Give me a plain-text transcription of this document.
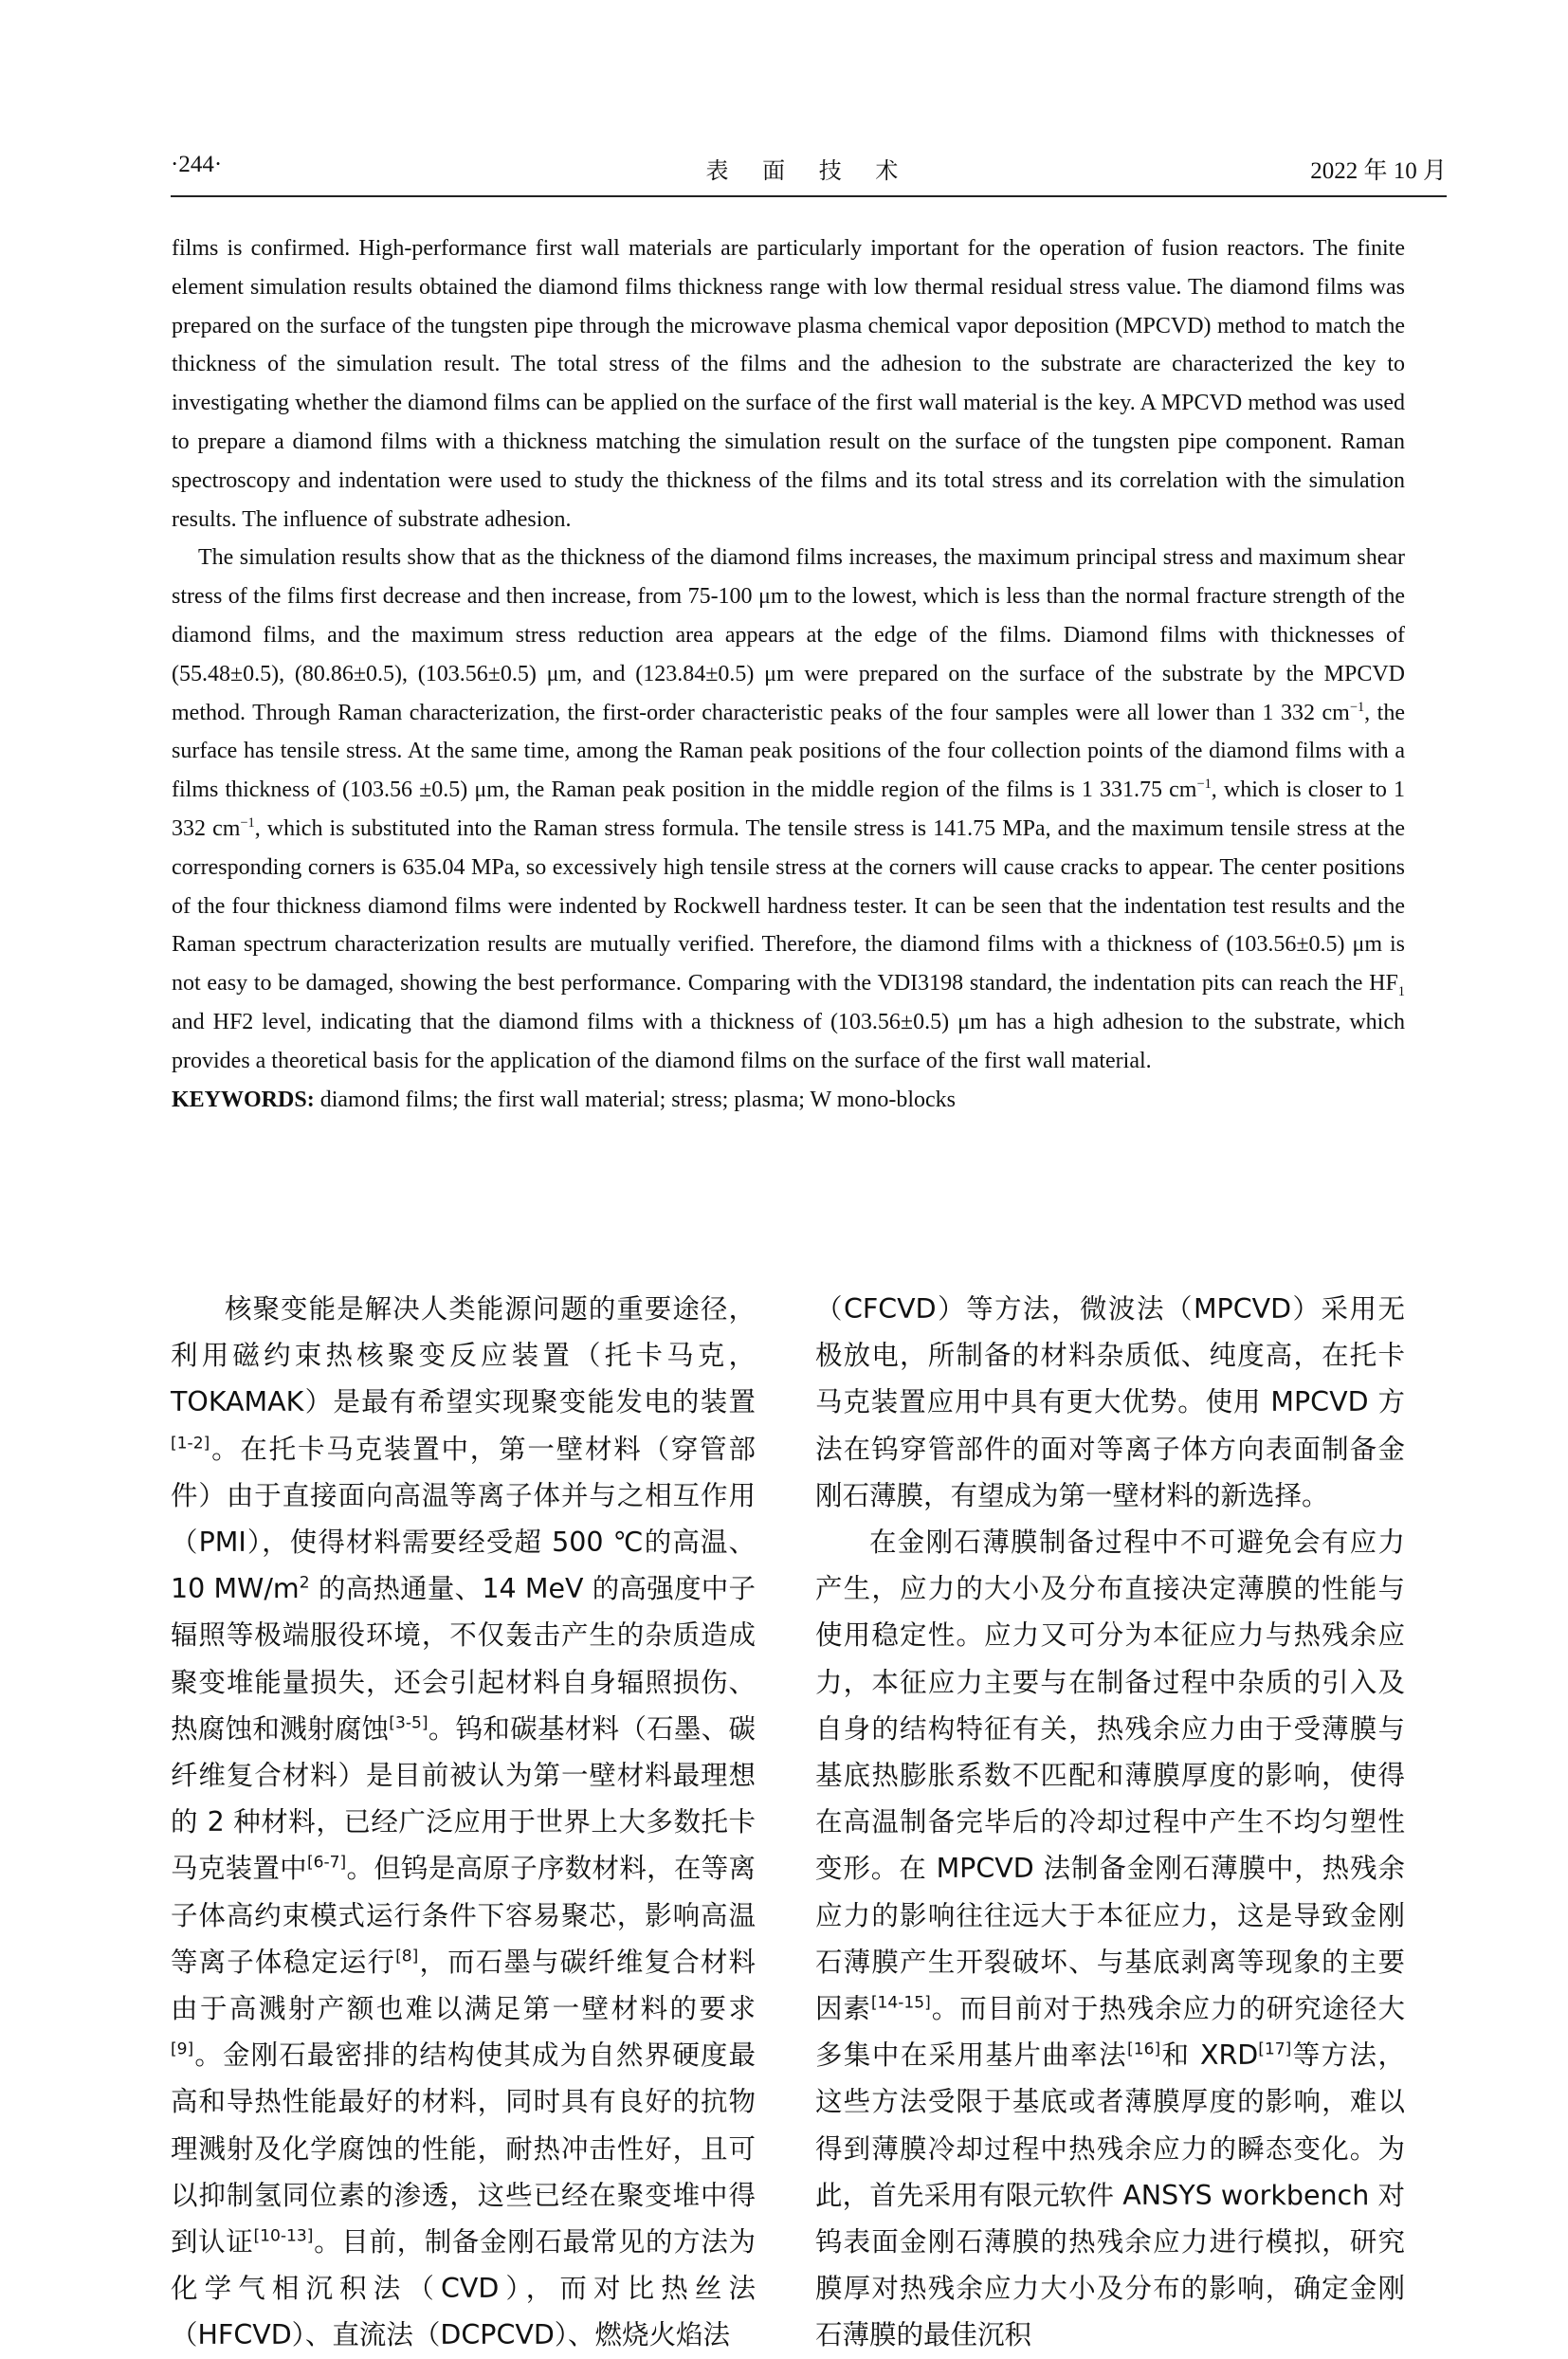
·244·	表 面 技 术	2022 年 10 月

films is confirmed. High-performance first wall materials are particularly important for the operation of fusion reactors. The finite element simulation results obtained the diamond films thickness range with low thermal residual stress value. The diamond films was prepared on the surface of the tungsten pipe through the microwave plasma chemical vapor deposition (MPCVD) method to match the thickness of the simulation result. The total stress of the films and the adhesion to the substrate are characterized the key to investigating whether the diamond films can be applied on the surface of the first wall material is the key. A MPCVD method was used to prepare a diamond films with a thickness matching the simulation result on the surface of the tungsten pipe component. Raman spectroscopy and indentation were used to study the thickness of the films and its total stress and its correlation with the simulation results. The influence of substrate adhesion.

The simulation results show that as the thickness of the diamond films increases, the maximum principal stress and maximum shear stress of the films first decrease and then increase, from 75-100 μm to the lowest, which is less than the normal fracture strength of the diamond films, and the maximum stress reduction area appears at the edge of the films. Diamond films with thicknesses of (55.48±0.5), (80.86±0.5), (103.56±0.5) μm, and (123.84±0.5) μm were prepared on the surface of the substrate by the MPCVD method. Through Raman characterization, the first-order characteristic peaks of the four samples were all lower than 1 332 $cm^{-1}$, the surface has tensile stress. At the same time, among the Raman peak positions of the four collection points of the diamond films with a films thickness of (103.56 ±0.5) μm, the Raman peak position in the middle region of the films is 1 331.75 $cm^{-1}$, which is closer to 1 332 $cm^{-1}$, which is substituted into the Raman stress formula. The tensile stress is 141.75 MPa, and the maximum tensile stress at the corresponding corners is 635.04 MPa, so excessively high tensile stress at the corners will cause cracks to appear. The center positions of the four thickness diamond films were indented by Rockwell hardness tester. It can be seen that the indentation test results and the Raman spectrum characterization results are mutually verified. Therefore, the diamond films with a thickness of (103.56±0.5) μm is not easy to be damaged, showing the best performance. Comparing with the VDI3198 standard, the indentation pits can reach the $HF_1$ and HF2 level, indicating that the diamond films with a thickness of (103.56±0.5) μm has a high adhesion to the substrate, which provides a theoretical basis for the application of the diamond films on the surface of the first wall material.

KEYWORDS: diamond films; the first wall material; stress; plasma; W mono-blocks

核聚变能是解决人类能源问题的重要途径，利用磁约束热核聚变反应装置（托卡马克，TOKAMAK）是最有希望实现聚变能发电的装置[1-2]。在托卡马克装置中，第一壁材料（穿管部件）由于直接面向高温等离子体并与之相互作用（PMI），使得材料需要经受超 500 ℃的高温、10 $MW/m^2$ 的高热通量、14 MeV 的高强度中子辐照等极端服役环境，不仅轰击产生的杂质造成聚变堆能量损失，还会引起材料自身辐照损伤、热腐蚀和溅射腐蚀[3-5]。钨和碳基材料（石墨、碳纤维复合材料）是目前被认为第一壁材料最理想的 2 种材料，已经广泛应用于世界上大多数托卡马克装置中[6-7]。但钨是高原子序数材料，在等离子体高约束模式运行条件下容易聚芯，影响高温等离子体稳定运行[8]，而石墨与碳纤维复合材料由于高溅射产额也难以满足第一壁材料的要求[9]。金刚石最密排的结构使其成为自然界硬度最高和导热性能最好的材料，同时具有良好的抗物理溅射及化学腐蚀的性能，耐热冲击性好，且可以抑制氢同位素的渗透，这些已经在聚变堆中得到认证[10-13]。目前，制备金刚石最常见的方法为化学气相沉积法（CVD），而对比热丝法（HFCVD）、直流法（DCPCVD）、燃烧火焰法

（CFCVD）等方法，微波法（MPCVD）采用无极放电，所制备的材料杂质低、纯度高，在托卡马克装置应用中具有更大优势。使用 MPCVD 方法在钨穿管部件的面对等离子体方向表面制备金刚石薄膜，有望成为第一壁材料的新选择。

在金刚石薄膜制备过程中不可避免会有应力产生，应力的大小及分布直接决定薄膜的性能与使用稳定性。应力又可分为本征应力与热残余应力，本征应力主要与在制备过程中杂质的引入及自身的结构特征有关，热残余应力由于受薄膜与基底热膨胀系数不匹配和薄膜厚度的影响，使得在高温制备完毕后的冷却过程中产生不均匀塑性变形。在 MPCVD 法制备金刚石薄膜中，热残余应力的影响往往远大于本征应力，这是导致金刚石薄膜产生开裂破坏、与基底剥离等现象的主要因素[14-15]。而目前对于热残余应力的研究途径大多集中在采用基片曲率法[16]和 XRD[17]等方法，这些方法受限于基底或者薄膜厚度的影响，难以得到薄膜冷却过程中热残余应力的瞬态变化。为此，首先采用有限元软件 ANSYS workbench 对钨表面金刚石薄膜的热残余应力进行模拟，研究膜厚对热残余应力大小及分布的影响，确定金刚石薄膜的最佳沉积
